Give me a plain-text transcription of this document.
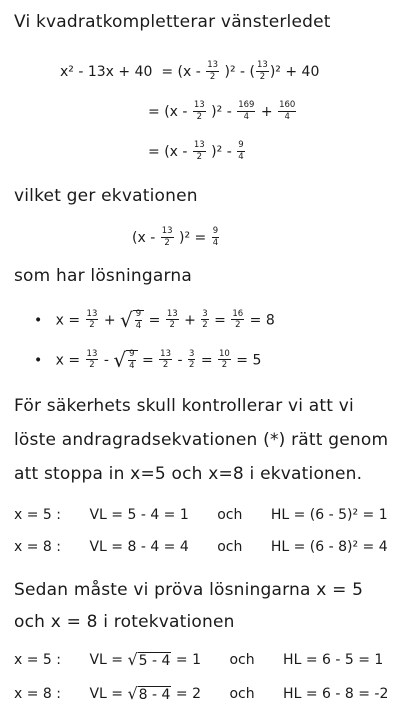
Vi kvadratkompletterar vänsterledet
$x^2 - 13x + 40 = (x - \frac{13}{2} )^2$ - ( $\frac{13}{2} )^2 + 40$
= $(x - \frac{13}{2} )^2 - \frac{169}{4} + \frac{160}{4}$
= $(x - \frac{13}{2} )^2 - \frac{9}{4}$
vilket ger ekvationen
$(x - \frac{13}{2} )^2 = \frac{9}{4}$
som har lösningarna
• $x = \frac{13}{2}$ + √ $\frac{9}{4} = \frac{13}{2} + \frac{3}{2} = \frac{16}{2} = 8$
• $x = \frac{13}{2}$ - √ $\frac{9}{4} = \frac{13}{2} - \frac{3}{2} = \frac{10}{2} = 5$
För säkerhets skull kontrollerar vi att vi
löste andragradsekvationen (*) rätt genom
att stoppa in x=5 och x=8 i ekvationen.
x = 5 : VL = 5 - 4 = 1 och HL = (6 - 5)² = 1
x = 8 : VL = 8 - 4 = 4 och HL = (6 - 8)² = 4
Sedan måste vi pröva lösningarna x = 5
och x = 8 i rotekvationen
x = 5 : VL = √ 5 - 4 = 1 och HL = 6 - 5 = 1
x = 8 : VL = √ 8 - 4 = 2 och HL = 6 - 8 = -2
